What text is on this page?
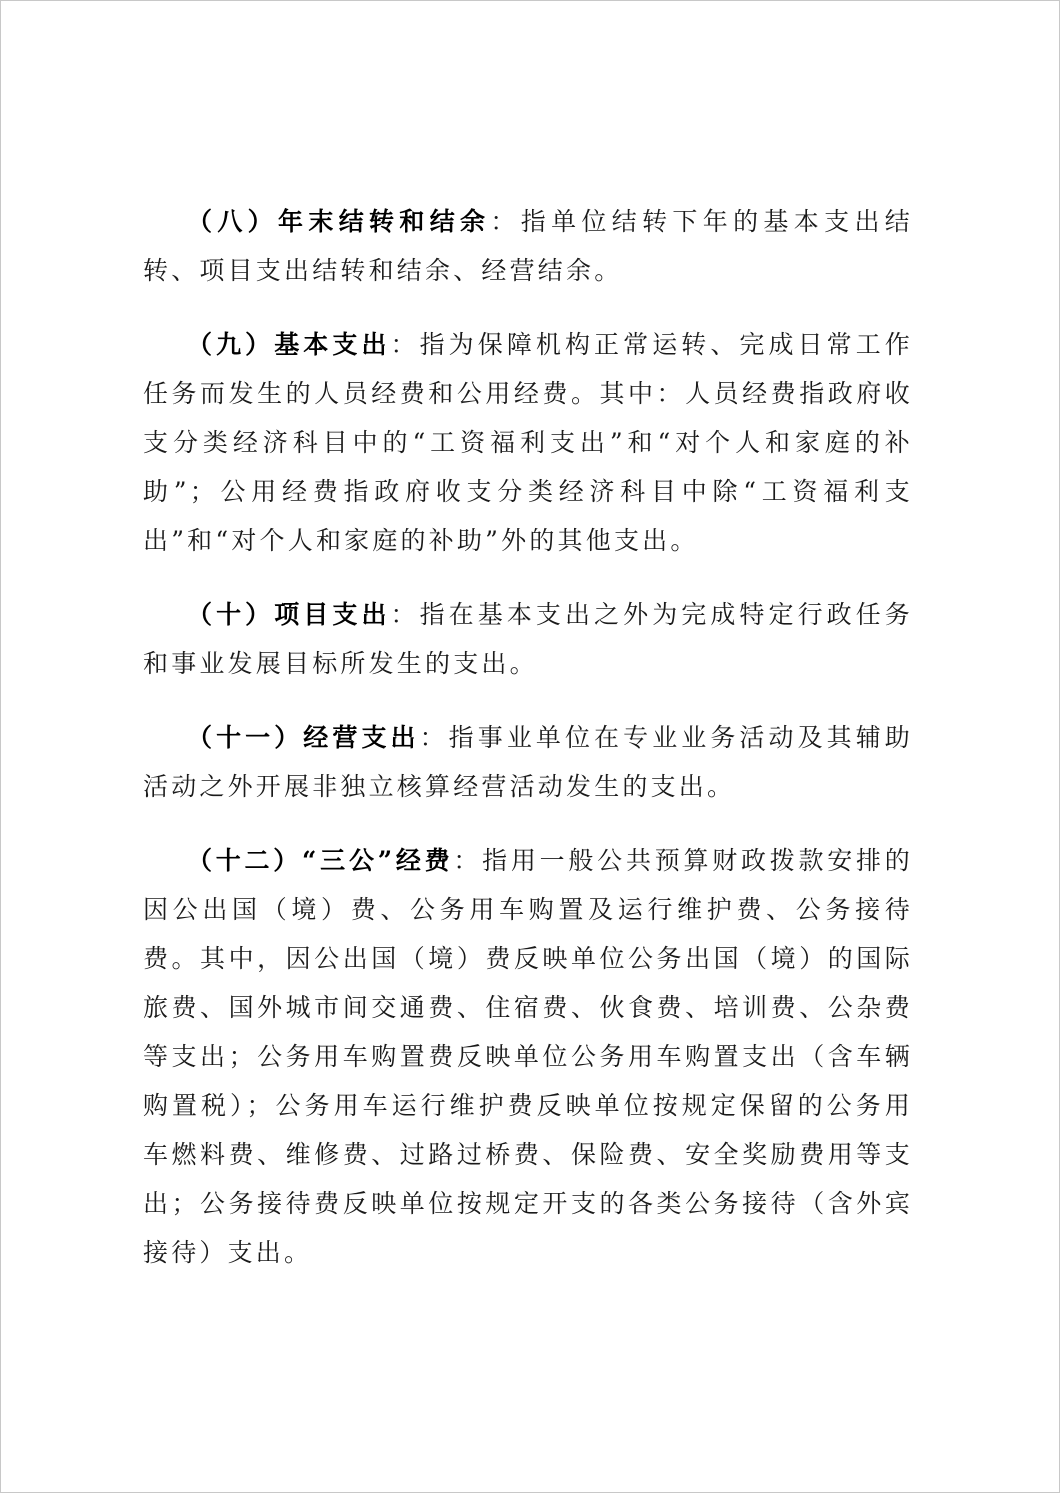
（八）年末结转和结余：指单位结转下年的基本支出结转、项目支出结转和结余、经营结余。

（九）基本支出：指为保障机构正常运转、完成日常工作任务而发生的人员经费和公用经费。其中：人员经费指政府收支分类经济科目中的“工资福利支出”和“对个人和家庭的补助”；公用经费指政府收支分类经济科目中除“工资福利支出”和“对个人和家庭的补助”外的其他支出。

（十）项目支出：指在基本支出之外为完成特定行政任务和事业发展目标所发生的支出。

（十一）经营支出：指事业单位在专业业务活动及其辅助活动之外开展非独立核算经营活动发生的支出。

（十二）“三公”经费：指用一般公共预算财政拨款安排的因公出国（境）费、公务用车购置及运行维护费、公务接待费。其中，因公出国（境）费反映单位公务出国（境）的国际旅费、国外城市间交通费、住宿费、伙食费、培训费、公杂费等支出；公务用车购置费反映单位公务用车购置支出（含车辆购置税）；公务用车运行维护费反映单位按规定保留的公务用车燃料费、维修费、过路过桥费、保险费、安全奖励费用等支出；公务接待费反映单位按规定开支的各类公务接待（含外宾接待）支出。
